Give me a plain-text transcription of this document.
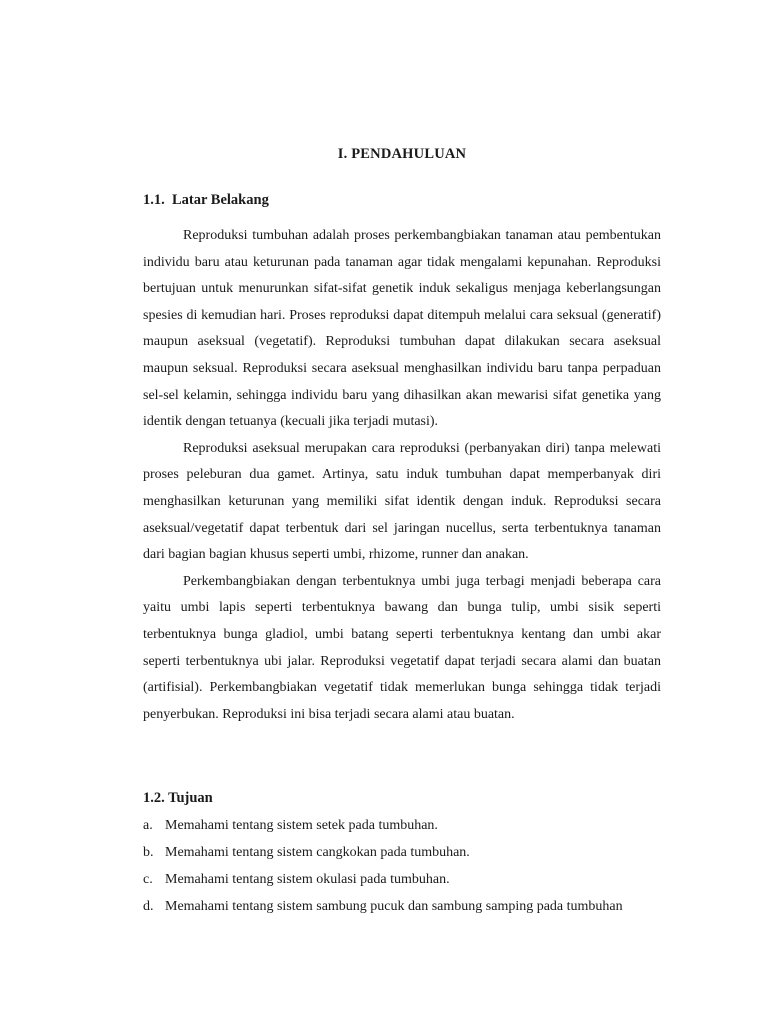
I. PENDAHULUAN
1.1.  Latar Belakang

Reproduksi tumbuhan adalah proses perkembangbiakan tanaman atau pembentukan individu baru atau keturunan pada tanaman agar tidak mengalami kepunahan. Reproduksi bertujuan untuk menurunkan sifat-sifat genetik induk sekaligus menjaga keberlangsungan spesies di kemudian hari. Proses reproduksi dapat ditempuh melalui cara seksual (generatif) maupun aseksual (vegetatif). Reproduksi tumbuhan dapat dilakukan secara aseksual maupun seksual. Reproduksi secara aseksual menghasilkan individu baru tanpa perpaduan sel-sel kelamin, sehingga individu baru yang dihasilkan akan mewarisi sifat genetika yang identik dengan tetuanya (kecuali jika terjadi mutasi).

Reproduksi aseksual merupakan cara reproduksi (perbanyakan diri) tanpa melewati proses peleburan dua gamet. Artinya, satu induk tumbuhan dapat memperbanyak diri menghasilkan keturunan yang memiliki sifat identik dengan induk. Reproduksi secara aseksual/vegetatif dapat terbentuk dari sel jaringan nucellus, serta terbentuknya tanaman dari bagian bagian khusus seperti umbi, rhizome, runner dan anakan.

Perkembangbiakan dengan terbentuknya umbi juga terbagi menjadi beberapa cara yaitu umbi lapis seperti terbentuknya bawang dan bunga tulip, umbi sisik seperti terbentuknya bunga gladiol, umbi batang seperti terbentuknya kentang dan umbi akar seperti terbentuknya ubi jalar. Reproduksi vegetatif dapat terjadi secara alami dan buatan (artifisial). Perkembangbiakan vegetatif tidak memerlukan bunga sehingga tidak terjadi penyerbukan. Reproduksi ini bisa terjadi secara alami atau buatan.

1.2. Tujuan
a. Memahami tentang sistem setek pada tumbuhan.
b. Memahami tentang sistem cangkokan pada tumbuhan.
c. Memahami tentang sistem okulasi pada tumbuhan.
d. Memahami tentang sistem sambung pucuk dan sambung samping pada tumbuhan
